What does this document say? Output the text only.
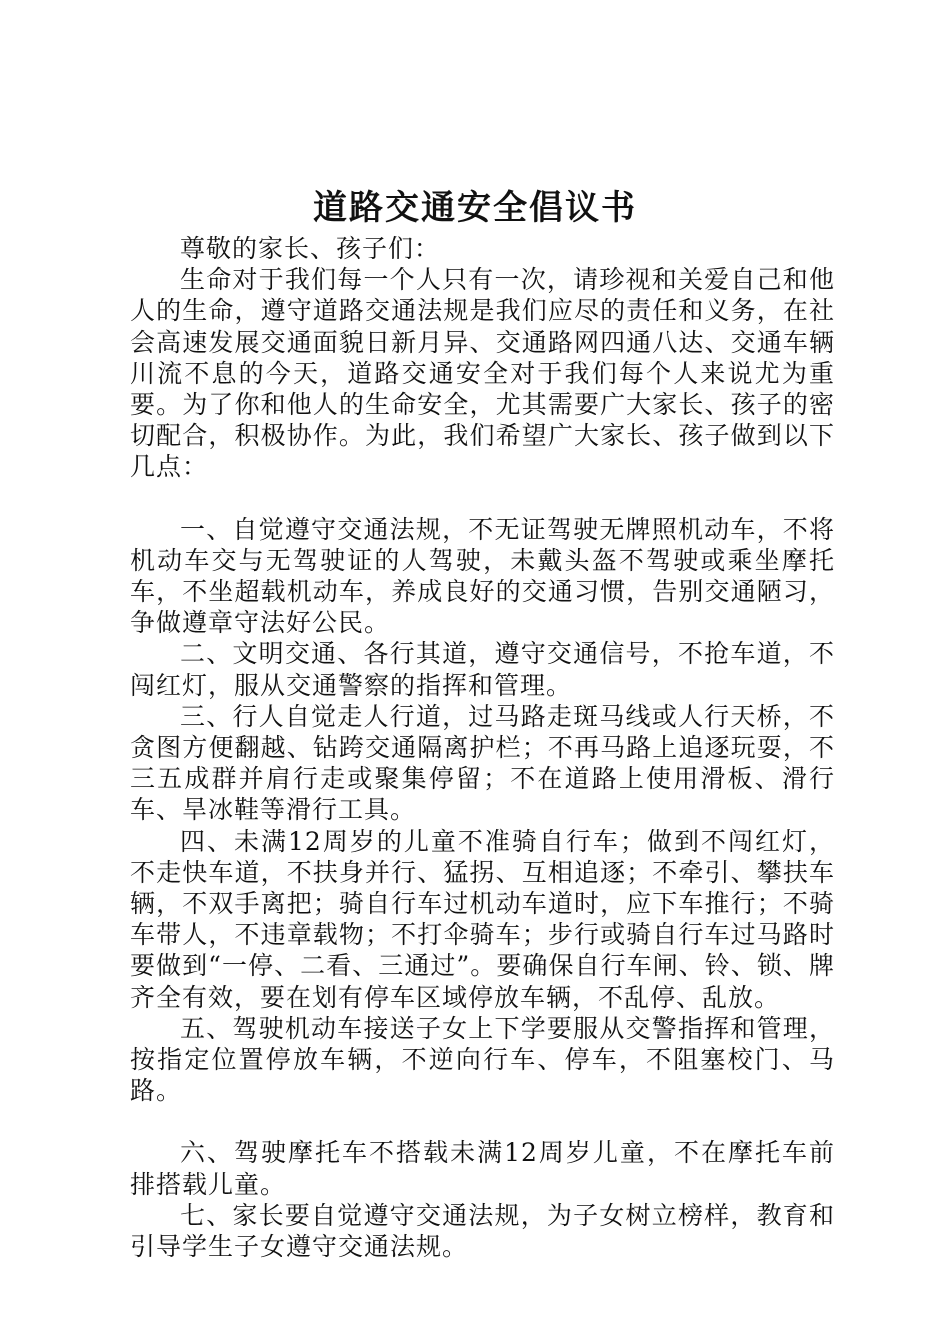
道路交通安全倡议书

尊敬的家长、孩子们：

生命对于我们每一个人只有一次，请珍视和关爱自己和他人的生命，遵守道路交通法规是我们应尽的责任和义务，在社会高速发展交通面貌日新月异、交通路网四通八达、交通车辆川流不息的今天，道路交通安全对于我们每个人来说尤为重要。为了你和他人的生命安全，尤其需要广大家长、孩子的密切配合，积极协作。为此，我们希望广大家长、孩子做到以下几点：

一、自觉遵守交通法规，不无证驾驶无牌照机动车，不将机动车交与无驾驶证的人驾驶，未戴头盔不驾驶或乘坐摩托车，不坐超载机动车，养成良好的交通习惯，告别交通陋习，争做遵章守法好公民。

二、文明交通、各行其道，遵守交通信号，不抢车道，不闯红灯，服从交通警察的指挥和管理。

三、行人自觉走人行道，过马路走斑马线或人行天桥，不贪图方便翻越、钻跨交通隔离护栏；不再马路上追逐玩耍，不三五成群并肩行走或聚集停留；不在道路上使用滑板、滑行车、旱冰鞋等滑行工具。

四、未满12周岁的儿童不准骑自行车；做到不闯红灯，不走快车道，不扶身并行、猛拐、互相追逐；不牵引、攀扶车辆，不双手离把；骑自行车过机动车道时，应下车推行；不骑车带人，不违章载物；不打伞骑车；步行或骑自行车过马路时要做到“一停、二看、三通过”。要确保自行车闸、铃、锁、牌齐全有效，要在划有停车区域停放车辆，不乱停、乱放。

五、驾驶机动车接送子女上下学要服从交警指挥和管理，按指定位置停放车辆，不逆向行车、停车，不阻塞校门、马路。

六、驾驶摩托车不搭载未满12周岁儿童，不在摩托车前排搭载儿童。

七、家长要自觉遵守交通法规，为子女树立榜样，教育和引导学生子女遵守交通法规。
